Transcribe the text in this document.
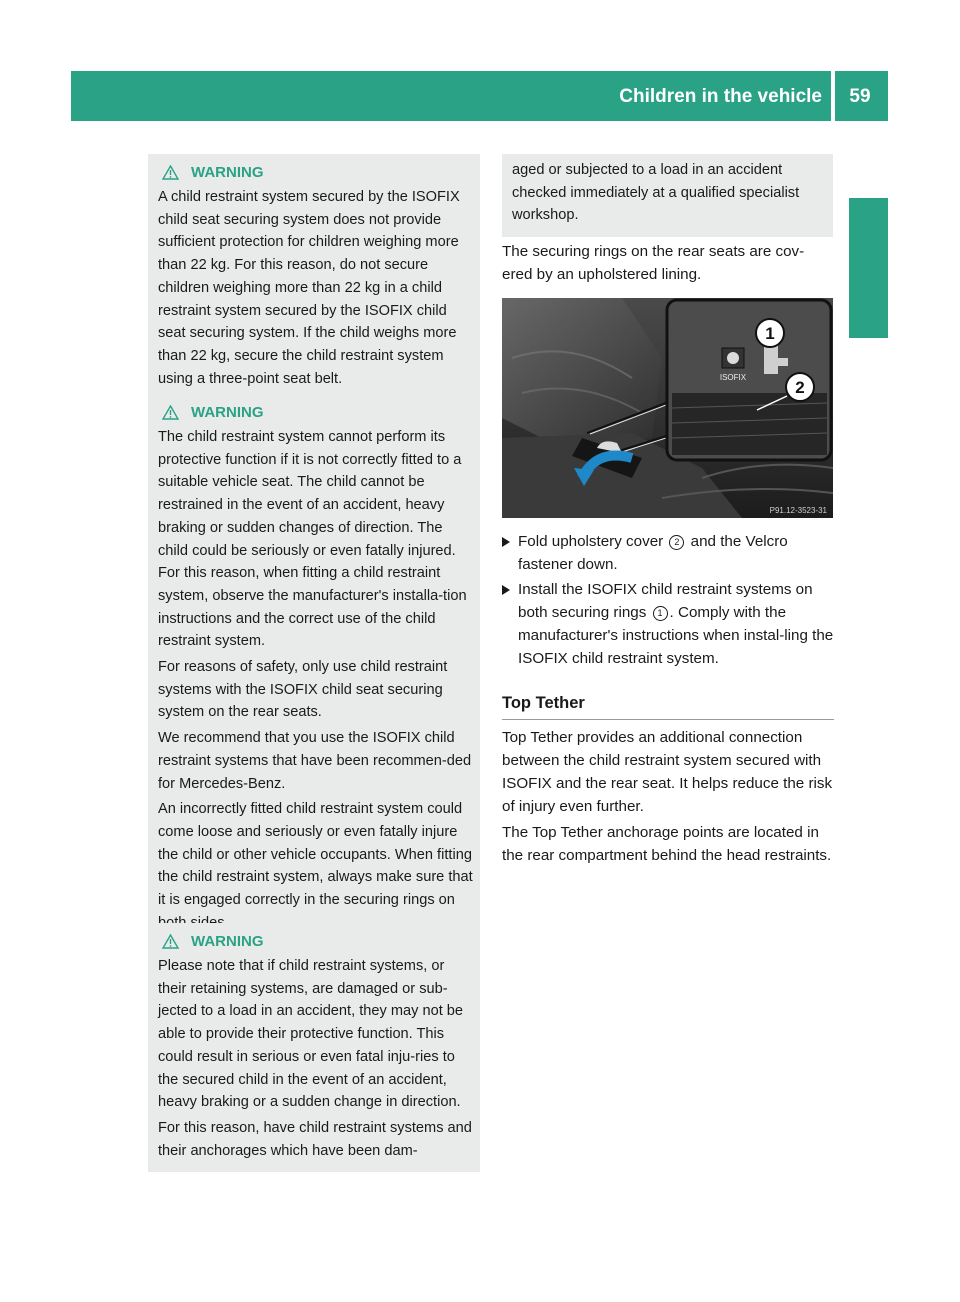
Children in the vehicle	59
Safety
WARNING

A child restraint system secured by the ISOFIX child seat securing system does not provide sufficient protection for children weighing more than 22 kg. For this reason, do not secure children weighing more than 22 kg in a child restraint system secured by the ISOFIX child seat securing system. If the child weighs more than 22 kg, secure the child restraint system using a three-point seat belt.

WARNING

The child restraint system cannot perform its protective function if it is not correctly fitted to a suitable vehicle seat. The child cannot be restrained in the event of an accident, heavy braking or sudden changes of direction. The child could be seriously or even fatally injured. For this reason, when fitting a child restraint system, observe the manufacturer's installa-tion instructions and the correct use of the child restraint system.

For reasons of safety, only use child restraint systems with the ISOFIX child seat securing system on the rear seats.

We recommend that you use the ISOFIX child restraint systems that have been recommen-ded for Mercedes-Benz.

An incorrectly fitted child restraint system could come loose and seriously or even fatally injure the child or other vehicle occupants. When fitting the child restraint system, always make sure that it is engaged correctly in the securing rings on

WARNING

Please note that if child restraint systems, or their retaining systems, are damaged or sub-jected to a load in an accident, they may not be able to provide their protective function. This could result in serious or even fatal inju-ries to the secured child in the event of an accident, heavy braking or a sudden change in direction.

For this reason, have child restraint systems and their anchorages which have been dam-

aged or subjected to a load in an accident checked immediately at a qualified specialist workshop.

The securing rings on the rear seats are cov-ered by an upholstered lining.

ISOFIX
1
2
P91.12-3523-31
Fold upholstery cover 2 and the Velcro fastener down.
Install the ISOFIX child restraint systems on both securing rings 1 . Comply with the manufacturer's instructions when instal-ling the ISOFIX child restraint system.
Top Tether

Top Tether provides an additional connection between the child restraint system secured with ISOFIX and the rear seat. It helps reduce the risk of injury even further.

The Top Tether anchorage points are located in the rear compartment behind the head restraints.
